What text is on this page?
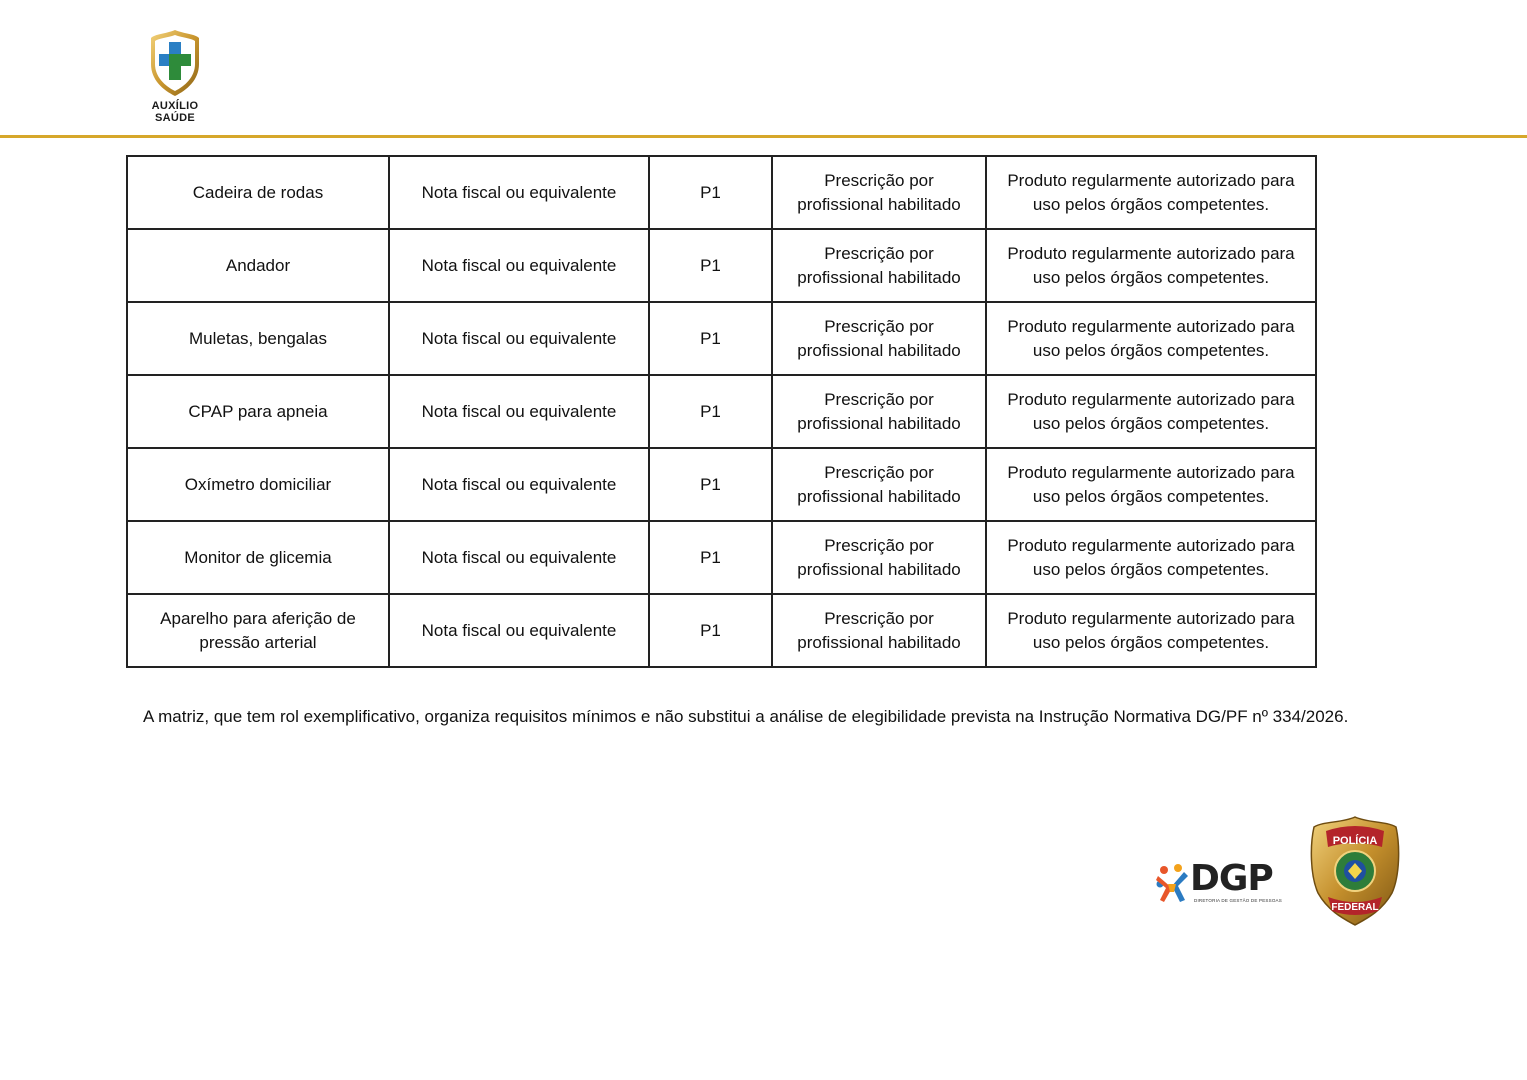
AUXÍLIO
SAÚDE
Cadeira de rodas	Nota fiscal ou equivalente	P1	Prescrição por profissional habilitado	Produto regularmente autorizado para uso pelos órgãos competentes.
Andador	Nota fiscal ou equivalente	P1	Prescrição por profissional habilitado	Produto regularmente autorizado para uso pelos órgãos competentes.
Muletas, bengalas	Nota fiscal ou equivalente	P1	Prescrição por profissional habilitado	Produto regularmente autorizado para uso pelos órgãos competentes.
CPAP para apneia	Nota fiscal ou equivalente	P1	Prescrição por profissional habilitado	Produto regularmente autorizado para uso pelos órgãos competentes.
Oxímetro domiciliar	Nota fiscal ou equivalente	P1	Prescrição por profissional habilitado	Produto regularmente autorizado para uso pelos órgãos competentes.
Monitor de glicemia	Nota fiscal ou equivalente	P1	Prescrição por profissional habilitado	Produto regularmente autorizado para uso pelos órgãos competentes.
Aparelho para aferição de pressão arterial	Nota fiscal ou equivalente	P1	Prescrição por profissional habilitado	Produto regularmente autorizado para uso pelos órgãos competentes.

A matriz, que tem rol exemplificativo, organiza requisitos mínimos e não substitui a análise de elegibilidade prevista na Instrução Normativa DG/PF nº 334/2026.

DGP
DIRETORIA DE GESTÃO DE PESSOAS
POLÍCIA
FEDERAL
